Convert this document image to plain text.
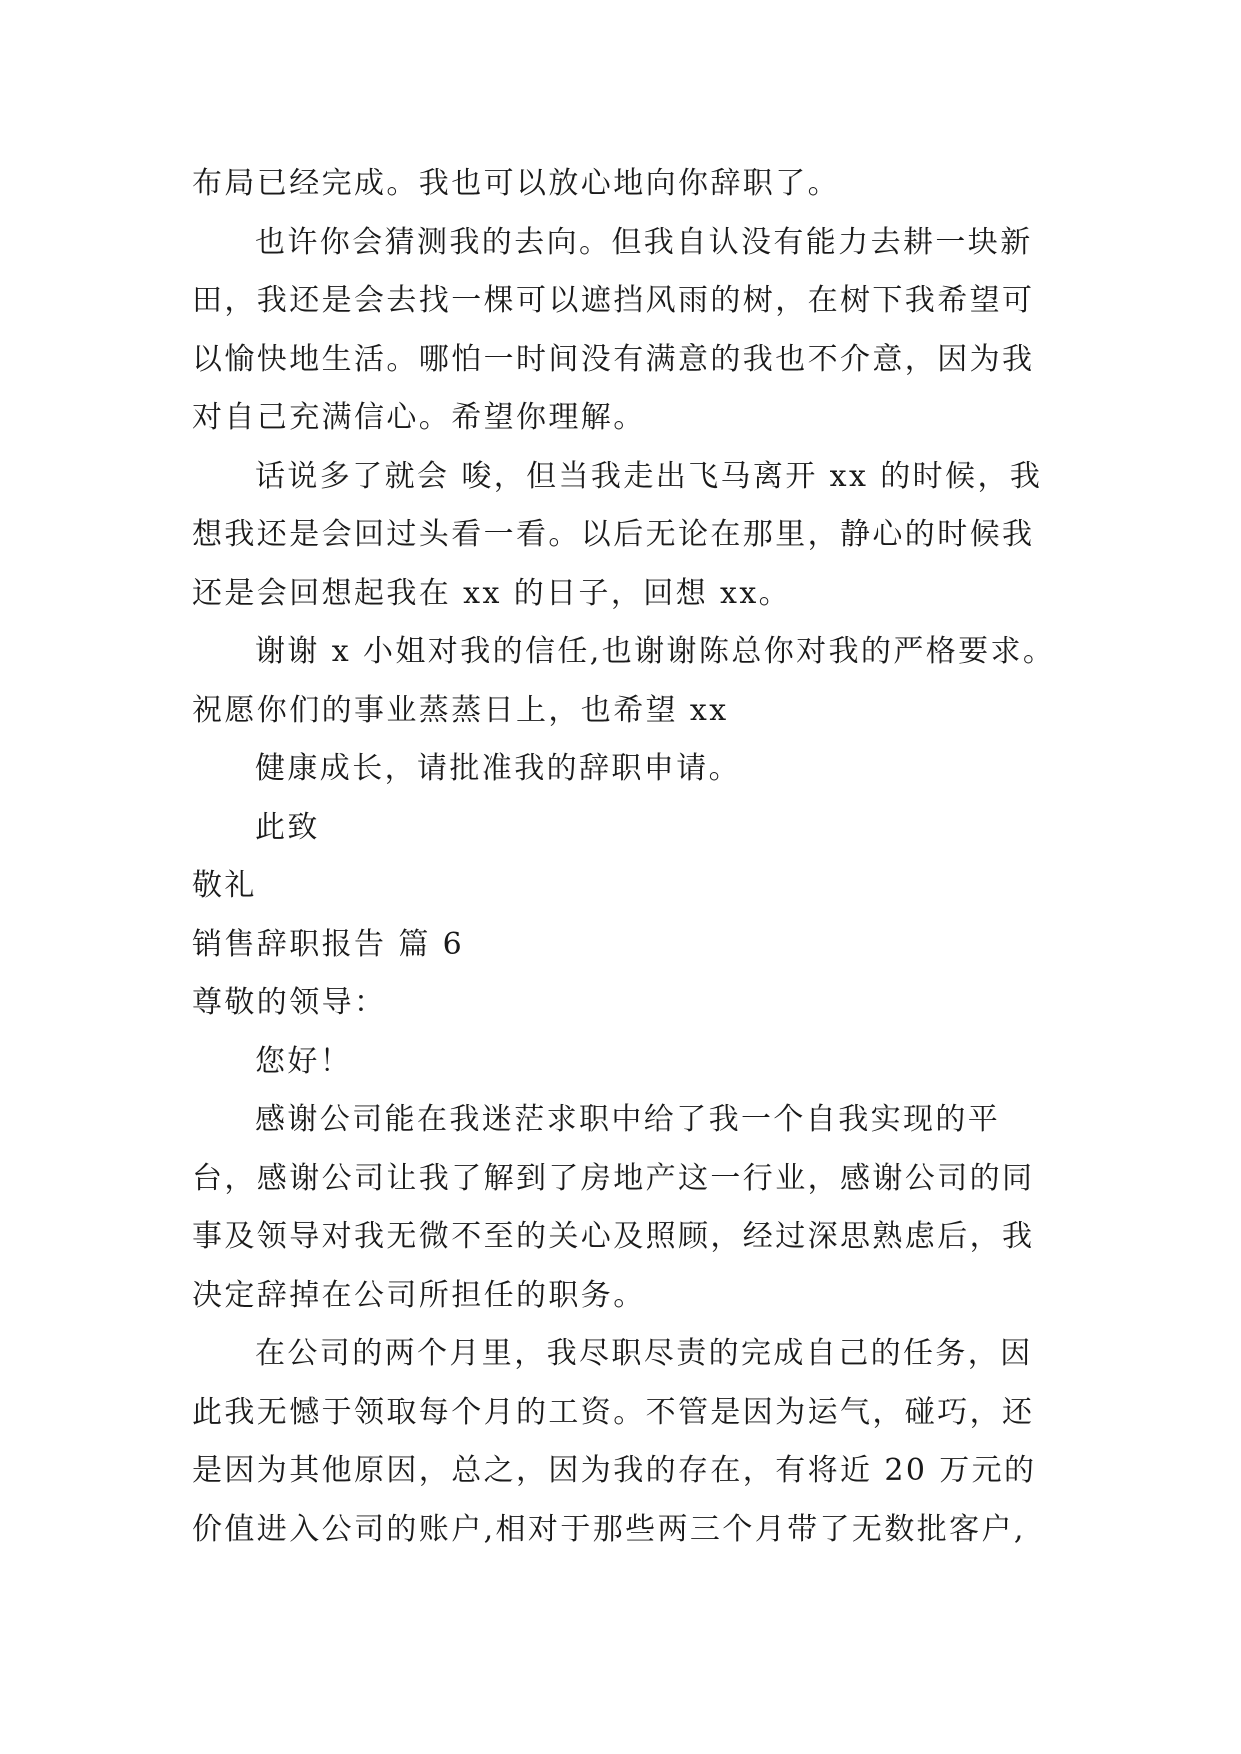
布局已经完成。我也可以放心地向你辞职了。
也许你会猜测我的去向。但我自认没有能力去耕一块新
田，我还是会去找一棵可以遮挡风雨的树，在树下我希望可
以愉快地生活。哪怕一时间没有满意的我也不介意，因为我
对自己充满信心。希望你理解。
话说多了就会 唆，但当我走出飞马离开 xx 的时候，我
想我还是会回过头看一看。以后无论在那里，静心的时候我
还是会回想起我在 xx 的日子，回想 xx。
谢谢 x 小姐对我的信任,也谢谢陈总你对我的严格要求。
祝愿你们的事业蒸蒸日上，也希望 xx
健康成长，请批准我的辞职申请。
此致
敬礼
销售辞职报告 篇 6
尊敬的领导：
您好！
感谢公司能在我迷茫求职中给了我一个自我实现的平
台，感谢公司让我了解到了房地产这一行业，感谢公司的同
事及领导对我无微不至的关心及照顾，经过深思熟虑后，我
决定辞掉在公司所担任的职务。
在公司的两个月里，我尽职尽责的完成自己的任务，因
此我无憾于领取每个月的工资。不管是因为运气，碰巧，还
是因为其他原因，总之，因为我的存在，有将近 20 万元的
价值进入公司的账户,相对于那些两三个月带了无数批客户,
